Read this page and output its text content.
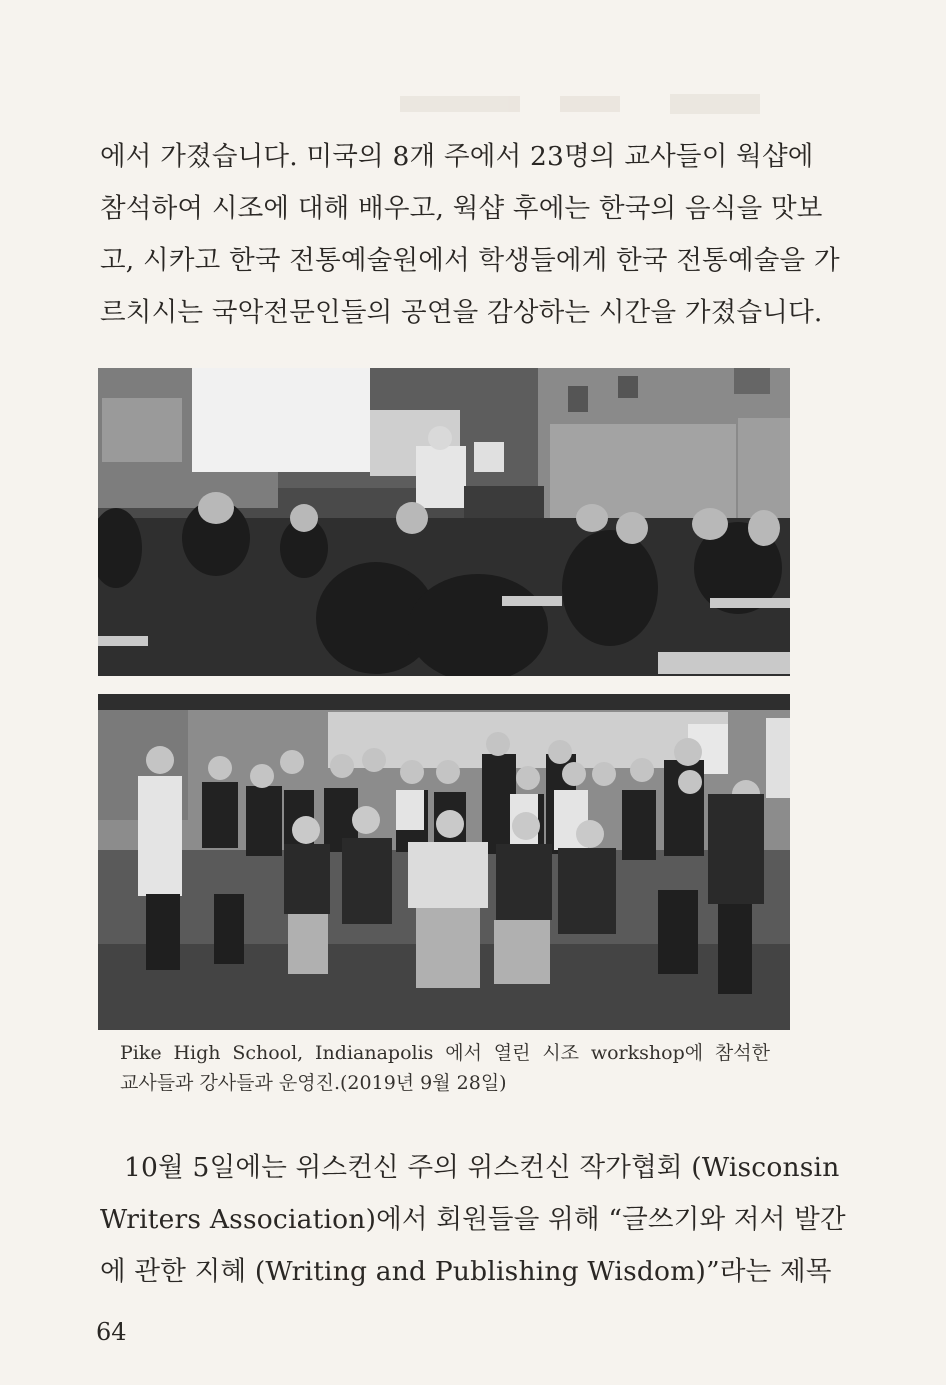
에서 가졌습니다. 미국의 8개 주에서 23명의 교사들이 웍샵에
참석하여 시조에 대해 배우고, 웍샵 후에는 한국의 음식을 맛보
고, 시카고 한국 전통예술원에서 학생들에게 한국 전통예술을 가
르치시는 국악전문인들의 공연을 감상하는 시간을 가졌습니다.
Pike High School, Indianapolis 에서 열린 시조 workshop에 참석한
교사들과 강사들과 운영진.(2019년 9월 28일)
10월 5일에는 위스컨신 주의 위스컨신 작가협회 (Wisconsin
Writers Association)에서 회원들을 위해 “글쓰기와 저서 발간
에 관한 지혜 (Writing and Publishing Wisdom)”라는 제목
64
